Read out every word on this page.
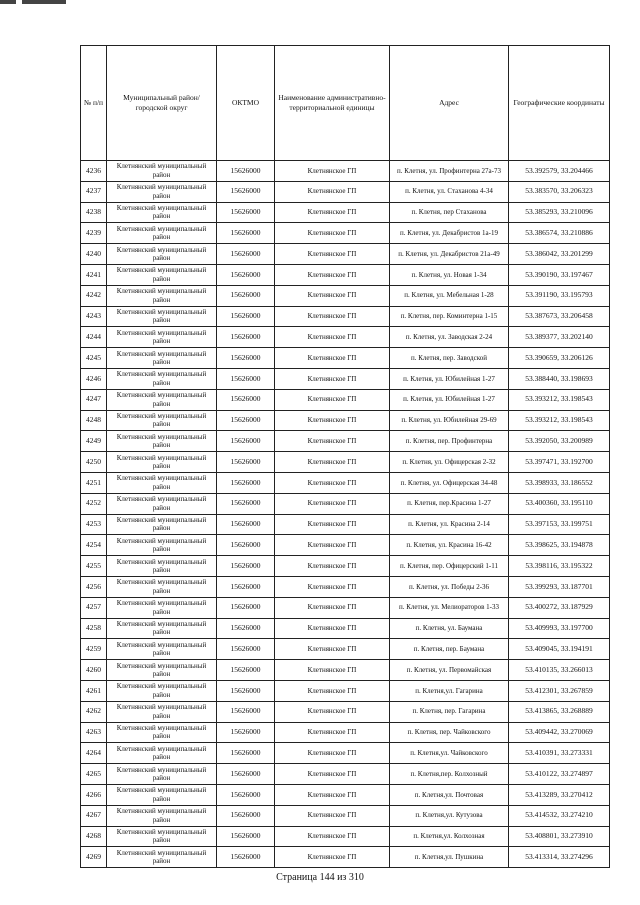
№ п/п	Муниципальный район/городской округ	ОКТМО	Наименование административно-территориальной единицы	Адрес	Географические координаты
4236	Клетнянский муниципальный район	15626000	Клетнянское ГП	п. Клетня, ул. Профинтерна 27а-73	53.392579, 33.204466
4237	Клетнянский муниципальный район	15626000	Клетнянское ГП	п. Клетня, ул. Стаханова 4-34	53.383570, 33.206323
4238	Клетнянский муниципальный район	15626000	Клетнянское ГП	п. Клетня, пер Стаханова	53.385293, 33.210096
4239	Клетнянский муниципальный район	15626000	Клетнянское ГП	п. Клетня, ул. Декабристов 1а-19	53.386574, 33.210886
4240	Клетнянский муниципальный район	15626000	Клетнянское ГП	п. Клетня, ул. Декабристов 21а-49	53.386042, 33.201299
4241	Клетнянский муниципальный район	15626000	Клетнянское ГП	п. Клетня, ул. Новая 1-34	53.390190, 33.197467
4242	Клетнянский муниципальный район	15626000	Клетнянское ГП	п. Клетня, ул. Мебельная 1-28	53.391190, 33.195793
4243	Клетнянский муниципальный район	15626000	Клетнянское ГП	п. Клетня, пер. Коминтерна 1-15	53.387673, 33.206458
4244	Клетнянский муниципальный район	15626000	Клетнянское ГП	п. Клетня, ул. Заводская 2-24	53.389377, 33.202140
4245	Клетнянский муниципальный район	15626000	Клетнянское ГП	п. Клетня, пер. Заводской	53.390659, 33.206126
4246	Клетнянский муниципальный район	15626000	Клетнянское ГП	п. Клетня, ул. Юбилейная 1-27	53.388440, 33.198693
4247	Клетнянский муниципальный район	15626000	Клетнянское ГП	п. Клетня, ул. Юбилейная 1-27	53.393212, 33.198543
4248	Клетнянский муниципальный район	15626000	Клетнянское ГП	п. Клетня, ул. Юбилейная 29-69	53.393212, 33.198543
4249	Клетнянский муниципальный район	15626000	Клетнянское ГП	п. Клетня, пер. Профинтерна	53.392050, 33.200989
4250	Клетнянский муниципальный район	15626000	Клетнянское ГП	п. Клетня, ул. Офицерская 2-32	53.397471, 33.192700
4251	Клетнянский муниципальный район	15626000	Клетнянское ГП	п. Клетня, ул. Офицерская 34-48	53.398933, 33.186552
4252	Клетнянский муниципальный район	15626000	Клетнянское ГП	п. Клетня, пер.Красина 1-27	53.400360, 33.195110
4253	Клетнянский муниципальный район	15626000	Клетнянское ГП	п. Клетня, ул. Красина 2-14	53.397153, 33.199751
4254	Клетнянский муниципальный район	15626000	Клетнянское ГП	п. Клетня, ул. Красина 16-42	53.398625, 33.194878
4255	Клетнянский муниципальный район	15626000	Клетнянское ГП	п. Клетня, пер. Офицерский 1-11	53.398116, 33.195322
4256	Клетнянский муниципальный район	15626000	Клетнянское ГП	п. Клетня, ул. Победы 2-36	53.399293, 33.187701
4257	Клетнянский муниципальный район	15626000	Клетнянское ГП	п. Клетня, ул. Мелиораторов 1-33	53.400272, 33.187929
4258	Клетнянский муниципальный район	15626000	Клетнянское ГП	п. Клетня, ул. Баумана	53.409993, 33.197700
4259	Клетнянский муниципальный район	15626000	Клетнянское ГП	п. Клетня, пер. Баумана	53.409045, 33.194191
4260	Клетнянский муниципальный район	15626000	Клетнянское ГП	п. Клетня, ул. Первомайская	53.410135, 33.266013
4261	Клетнянский муниципальный район	15626000	Клетнянское ГП	п. Клетня,ул. Гагарина	53.412301, 33.267859
4262	Клетнянский муниципальный район	15626000	Клетнянское ГП	п. Клетня, пер. Гагарина	53.413865, 33.268889
4263	Клетнянский муниципальный район	15626000	Клетнянское ГП	п. Клетня, пер. Чайковского	53.409442, 33.270069
4264	Клетнянский муниципальный район	15626000	Клетнянское ГП	п. Клетня,ул. Чайковского	53.410391, 33.273331
4265	Клетнянский муниципальный район	15626000	Клетнянское ГП	п. Клетня,пер. Колхозный	53.410122, 33.274897
4266	Клетнянский муниципальный район	15626000	Клетнянское ГП	п. Клетня,ул. Почтовая	53.413289, 33.270412
4267	Клетнянский муниципальный район	15626000	Клетнянское ГП	п. Клетня,ул. Кутузова	53.414532, 33.274210
4268	Клетнянский муниципальный район	15626000	Клетнянское ГП	п. Клетня,ул. Колхозная	53.408801, 33.273910
4269	Клетнянский муниципальный район	15626000	Клетнянское ГП	п. Клетня,ул. Пушкина	53.413314, 33.274296
Страница 144 из 310
